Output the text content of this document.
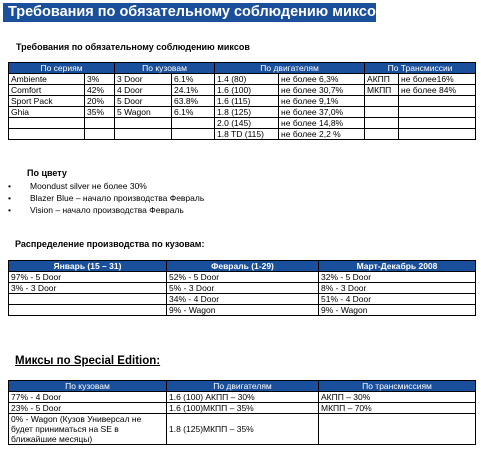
Требования по обязательному соблюдению миксов
Требования по обязательному соблюдению миксов
По сериям		По кузовам		По двигателям		По Трансмиссии	
Ambiente	3%	3 Door	6.1%	1.4 (80)	не более 6,3%	АКПП	не более16%
Comfort	42%	4 Door	24.1%	1.6 (100)	не более 30,7%	МКПП	не более 84%
Sport Pack	20%	5 Door	63.8%	1.6 (115)	не более 9,1%		
Ghia	35%	5 Wagon	6.1%	1.8 (125)	не более 37,0%		
				2.0 (145)	не более 14,8%		
				1.8 TD (115)	не более 2,2 %		
По цвету
• Moondust silver не более 30%
• Blazer Blue – начало производства Февраль
• Vision – начало производства Февраль
Распределение производства по кузовам:
Январь (15 – 31)	Февраль (1-29)	Март-Декабрь 2008
97% - 5 Door	52% - 5 Door	32% - 5 Door
3% - 3 Door	5% - 3 Door	8% - 3 Door
	34% - 4 Door	51% - 4 Door
	9% - Wagon	9% - Wagon
Миксы по Special Edition:
По кузовам	По двигателям	По трансмиссиям
77% - 4 Door	1.6 (100) АКПП – 30%	АКПП – 30%
23% - 5 Door	1.6 (100)МКПП – 35%	МКПП – 70%
0% - Wagon (Кузов Универсал не будет приниматься на SE в ближайшие месяцы)	1.8 (125)МКПП – 35%	
